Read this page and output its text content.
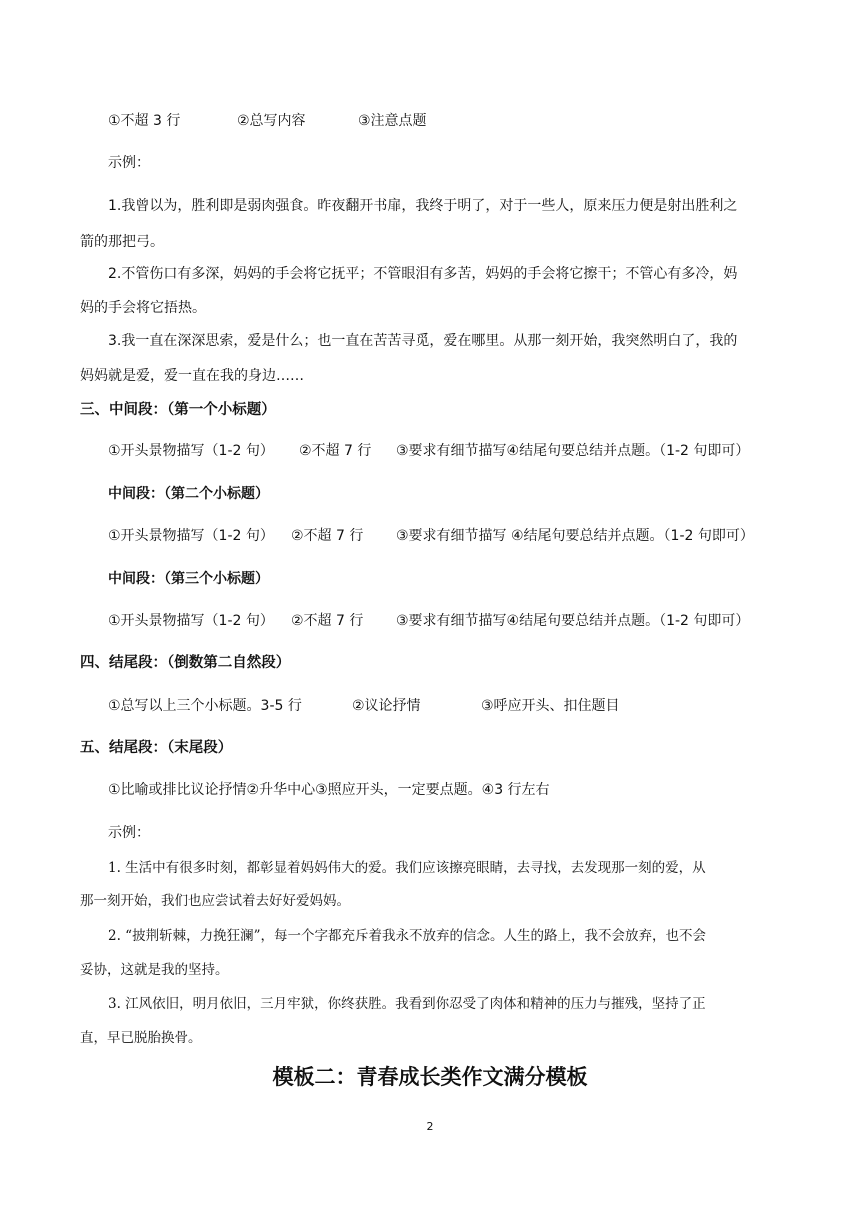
①不超 3 行	②总写内容	③注意点题
示例：
1.我曾以为，胜利即是弱肉强食。昨夜翻开书扉，我终于明了，对于一些人，原来压力便是射出胜利之
箭的那把弓。
2.不管伤口有多深，妈妈的手会将它抚平；不管眼泪有多苦，妈妈的手会将它擦干；不管心有多冷，妈
妈的手会将它捂热。
3.我一直在深深思索，爱是什么；也一直在苦苦寻觅，爱在哪里。从那一刻开始，我突然明白了，我的
妈妈就是爱，爱一直在我的身边……
三、中间段：（第一个小标题）
①开头景物描写（1-2 句） ②不超 7 行 ③要求有细节描写④结尾句要总结并点题。（1-2 句即可）
中间段：（第二个小标题）
①开头景物描写（1-2 句） ②不超 7 行 ③要求有细节描写 ④结尾句要总结并点题。（1-2 句即可）
中间段：（第三个小标题）
①开头景物描写（1-2 句） ②不超 7 行 ③要求有细节描写④结尾句要总结并点题。（1-2 句即可）
四、结尾段：（倒数第二自然段）
①总写以上三个小标题。3-5 行	②议论抒情	③呼应开头、扣住题目
五、结尾段：（末尾段）
①比喻或排比议论抒情②升华中心③照应开头，一定要点题。④3 行左右
示例：
1. 生活中有很多时刻，都彰显着妈妈伟大的爱。我们应该擦亮眼睛，去寻找，去发现那一刻的爱，从
那一刻开始，我们也应尝试着去好好爱妈妈。
2. “披荆斩棘，力挽狂澜”，每一个字都充斥着我永不放弃的信念。人生的路上，我不会放弃，也不会
妥协，这就是我的坚持。
3. 江风依旧，明月依旧，三月牢狱，你终获胜。我看到你忍受了肉体和精神的压力与摧残，坚持了正
直，早已脱胎换骨。
模板二：青春成长类作文满分模板
2
